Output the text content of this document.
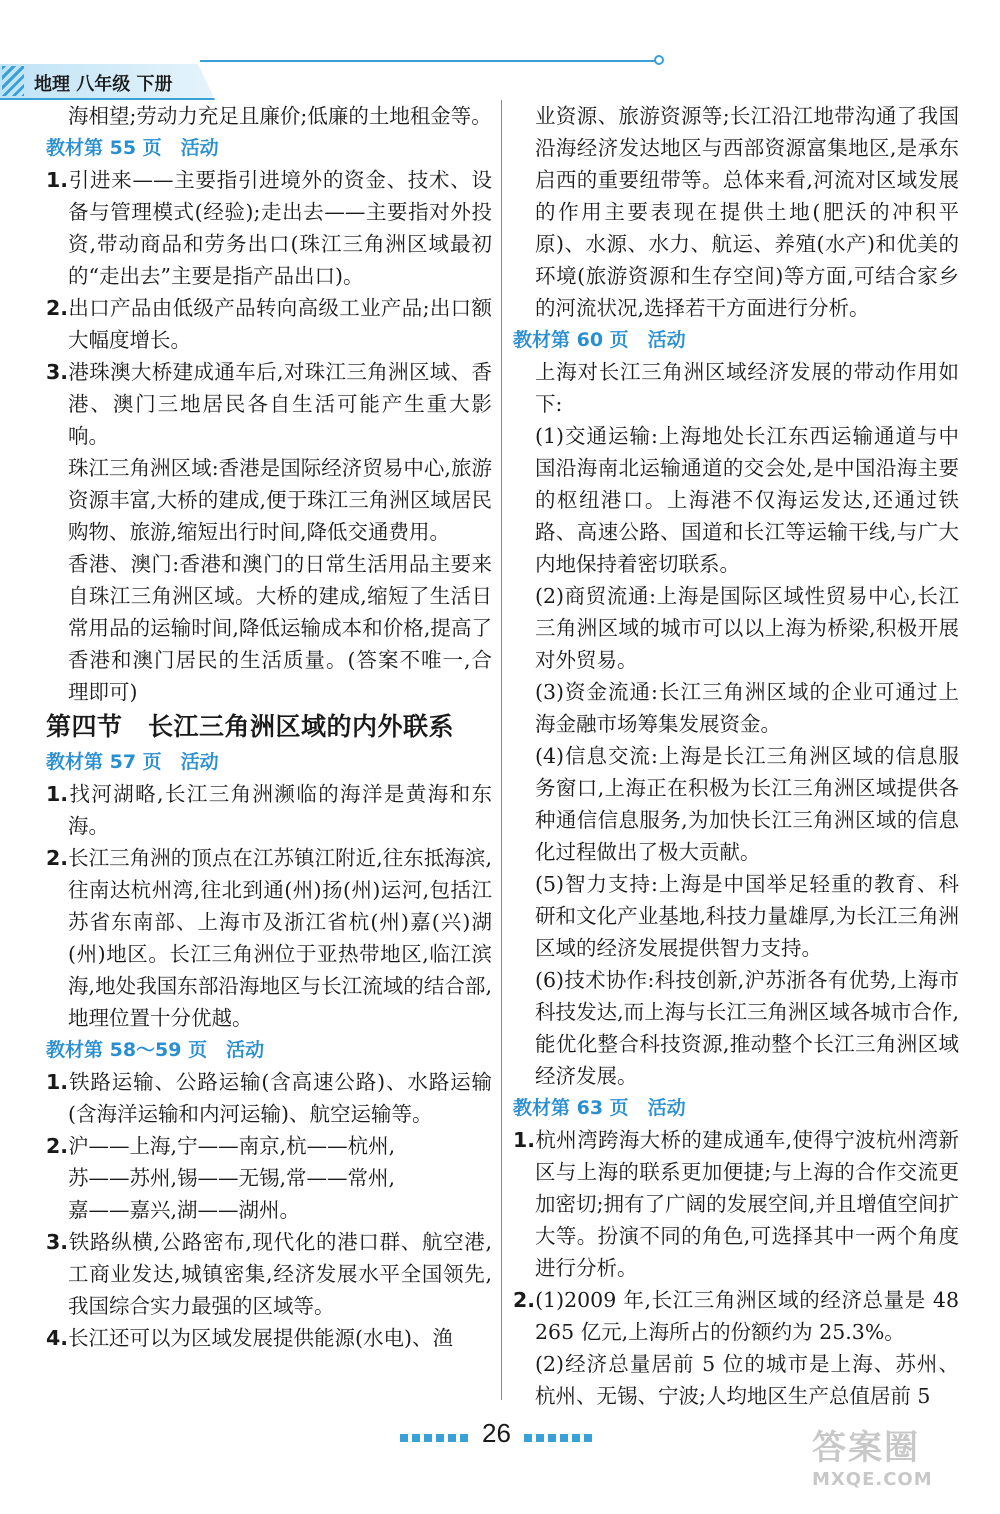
地理 八年级 下册

海相望;劳动力充足且廉价;低廉的土地租金等。

教材第 55 页　活动

1.引进来——主要指引进境外的资金、技术、设备与管理模式(经验);走出去——主要指对外投资,带动商品和劳务出口(珠江三角洲区域最初的“走出去”主要是指产品出口)。

2.出口产品由低级产品转向高级工业产品;出口额大幅度增长。

3.港珠澳大桥建成通车后,对珠江三角洲区域、香港、澳门三地居民各自生活可能产生重大影响。

珠江三角洲区域:香港是国际经济贸易中心,旅游资源丰富,大桥的建成,便于珠江三角洲区域居民购物、旅游,缩短出行时间,降低交通费用。

香港、澳门:香港和澳门的日常生活用品主要来自珠江三角洲区域。大桥的建成,缩短了生活日常用品的运输时间,降低运输成本和价格,提高了香港和澳门居民的生活质量。(答案不唯一,合理即可)

第四节　长江三角洲区域的内外联系

教材第 57 页　活动

1.找河湖略,长江三角洲濒临的海洋是黄海和东海。

2.长江三角洲的顶点在江苏镇江附近,往东抵海滨,往南达杭州湾,往北到通(州)扬(州)运河,包括江苏省东南部、上海市及浙江省杭(州)嘉(兴)湖(州)地区。长江三角洲位于亚热带地区,临江滨海,地处我国东部沿海地区与长江流域的结合部,地理位置十分优越。

教材第 58～59 页　活动

1.铁路运输、公路运输(含高速公路)、水路运输(含海洋运输和内河运输)、航空运输等。

2.沪——上海,宁——南京,杭——杭州,
苏——苏州,锡——无锡,常——常州,
嘉——嘉兴,湖——湖州。

3.铁路纵横,公路密布,现代化的港口群、航空港,工商业发达,城镇密集,经济发展水平全国领先,我国综合实力最强的区域等。

4.长江还可以为区域发展提供能源(水电)、渔

业资源、旅游资源等;长江沿江地带沟通了我国沿海经济发达地区与西部资源富集地区,是承东启西的重要纽带等。总体来看,河流对区域发展的作用主要表现在提供土地(肥沃的冲积平原)、水源、水力、航运、养殖(水产)和优美的环境(旅游资源和生存空间)等方面,可结合家乡的河流状况,选择若干方面进行分析。

教材第 60 页　活动

上海对长江三角洲区域经济发展的带动作用如下:

(1)交通运输:上海地处长江东西运输通道与中国沿海南北运输通道的交会处,是中国沿海主要的枢纽港口。上海港不仅海运发达,还通过铁路、高速公路、国道和长江等运输干线,与广大内地保持着密切联系。

(2)商贸流通:上海是国际区域性贸易中心,长江三角洲区域的城市可以以上海为桥梁,积极开展对外贸易。

(3)资金流通:长江三角洲区域的企业可通过上海金融市场筹集发展资金。

(4)信息交流:上海是长江三角洲区域的信息服务窗口,上海正在积极为长江三角洲区域提供各种通信信息服务,为加快长江三角洲区域的信息化过程做出了极大贡献。

(5)智力支持:上海是中国举足轻重的教育、科研和文化产业基地,科技力量雄厚,为长江三角洲区域的经济发展提供智力支持。

(6)技术协作:科技创新,沪苏浙各有优势,上海市科技发达,而上海与长江三角洲区域各城市合作,能优化整合科技资源,推动整个长江三角洲区域经济发展。

教材第 63 页　活动

1.杭州湾跨海大桥的建成通车,使得宁波杭州湾新区与上海的联系更加便捷;与上海的合作交流更加密切;拥有了广阔的发展空间,并且增值空间扩大等。扮演不同的角色,可选择其中一两个角度进行分析。

2.(1)2009 年,长江三角洲区域的经济总量是 48 265 亿元,上海所占的份额约为 25.3%。

(2)经济总量居前 5 位的城市是上海、苏州、杭州、无锡、宁波;人均地区生产总值居前 5

26	答案圈
MXQE.COM
